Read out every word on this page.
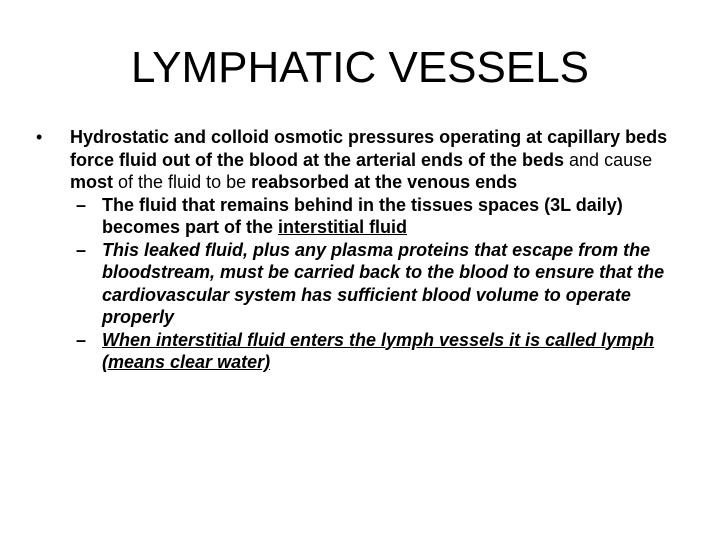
LYMPHATIC VESSELS

•	Hydrostatic and colloid osmotic pressures operating at capillary beds force fluid out of the blood at the arterial ends of the beds and cause most of the fluid to be reabsorbed at the venous ends

– The fluid that remains behind in the tissues spaces (3L daily) becomes part of the interstitial fluid
– This leaked fluid, plus any plasma proteins that escape from the bloodstream, must be carried back to the blood to ensure that the cardiovascular system has sufficient blood volume to operate properly
– When interstitial fluid enters the lymph vessels it is called lymph (means clear water)
